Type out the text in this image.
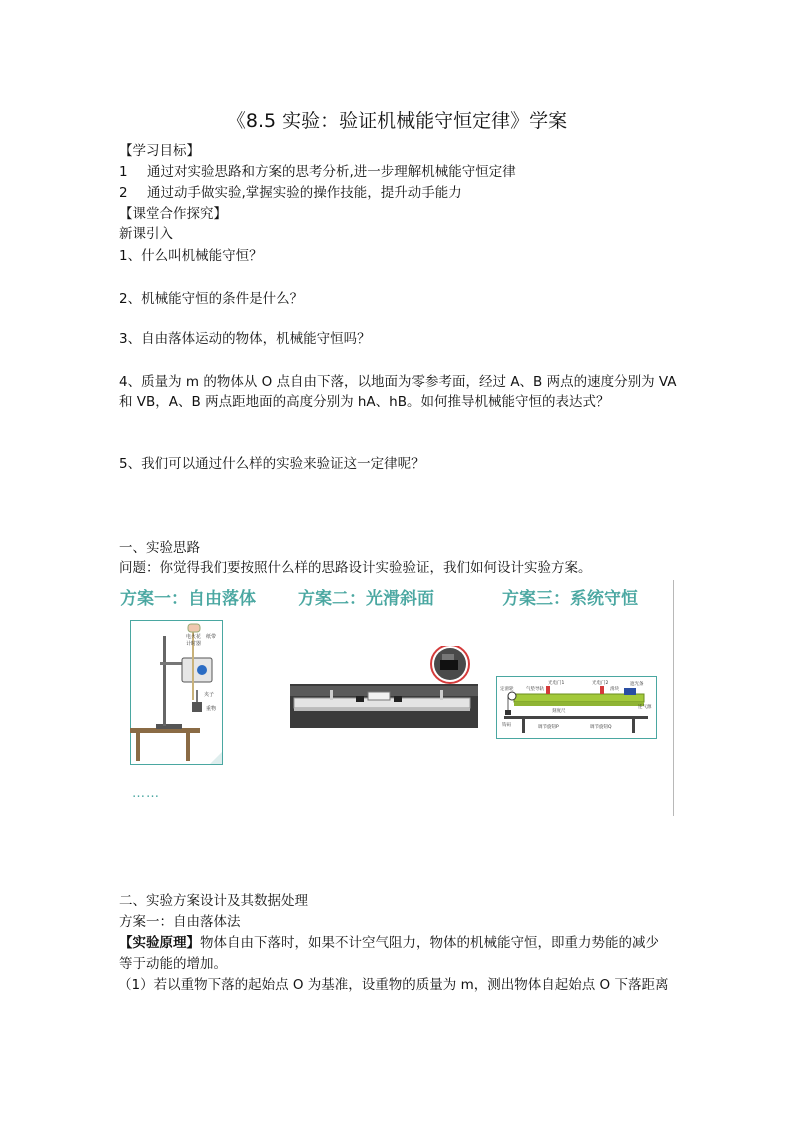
《8.5 实验：验证机械能守恒定律》学案
【学习目标】
1 通过对实验思路和方案的思考分析,进一步理解机械能守恒定律
2 通过动手做实验,掌握实验的操作技能，提升动手能力
【课堂合作探究】
新课引入
1、什么叫机械能守恒？
2、机械能守恒的条件是什么？
3、自由落体运动的物体，机械能守恒吗？
4、质量为 m 的物体从 O 点自由下落，以地面为零参考面，经过 A、B 两点的速度分别为 VA
和 VB，A、B 两点距地面的高度分别为 hA、hB。如何推导机械能守恒的表达式？
5、我们可以通过什么样的实验来验证这一定律呢？
一、实验思路
问题：你觉得我们要按照什么样的思路设计实验验证，我们如何设计实验方案。
方案一：自由落体 方案二：光滑斜面	方案三：系统守恒
电火花
计时器
纸带
夹子
重物
……
定滑轮	气垫导轨
光电门1	光电门2
滑块
遮光条
刻度尺
连气源
钩码	调节旋钮P	调节旋钮Q
二、实验方案设计及其数据处理
方案一：自由落体法
【实验原理】物体自由下落时，如果不计空气阻力，物体的机械能守恒，即重力势能的减少
等于动能的增加。
（1）若以重物下落的起始点 O 为基准，设重物的质量为 m，测出物体自起始点 O 下落距离
